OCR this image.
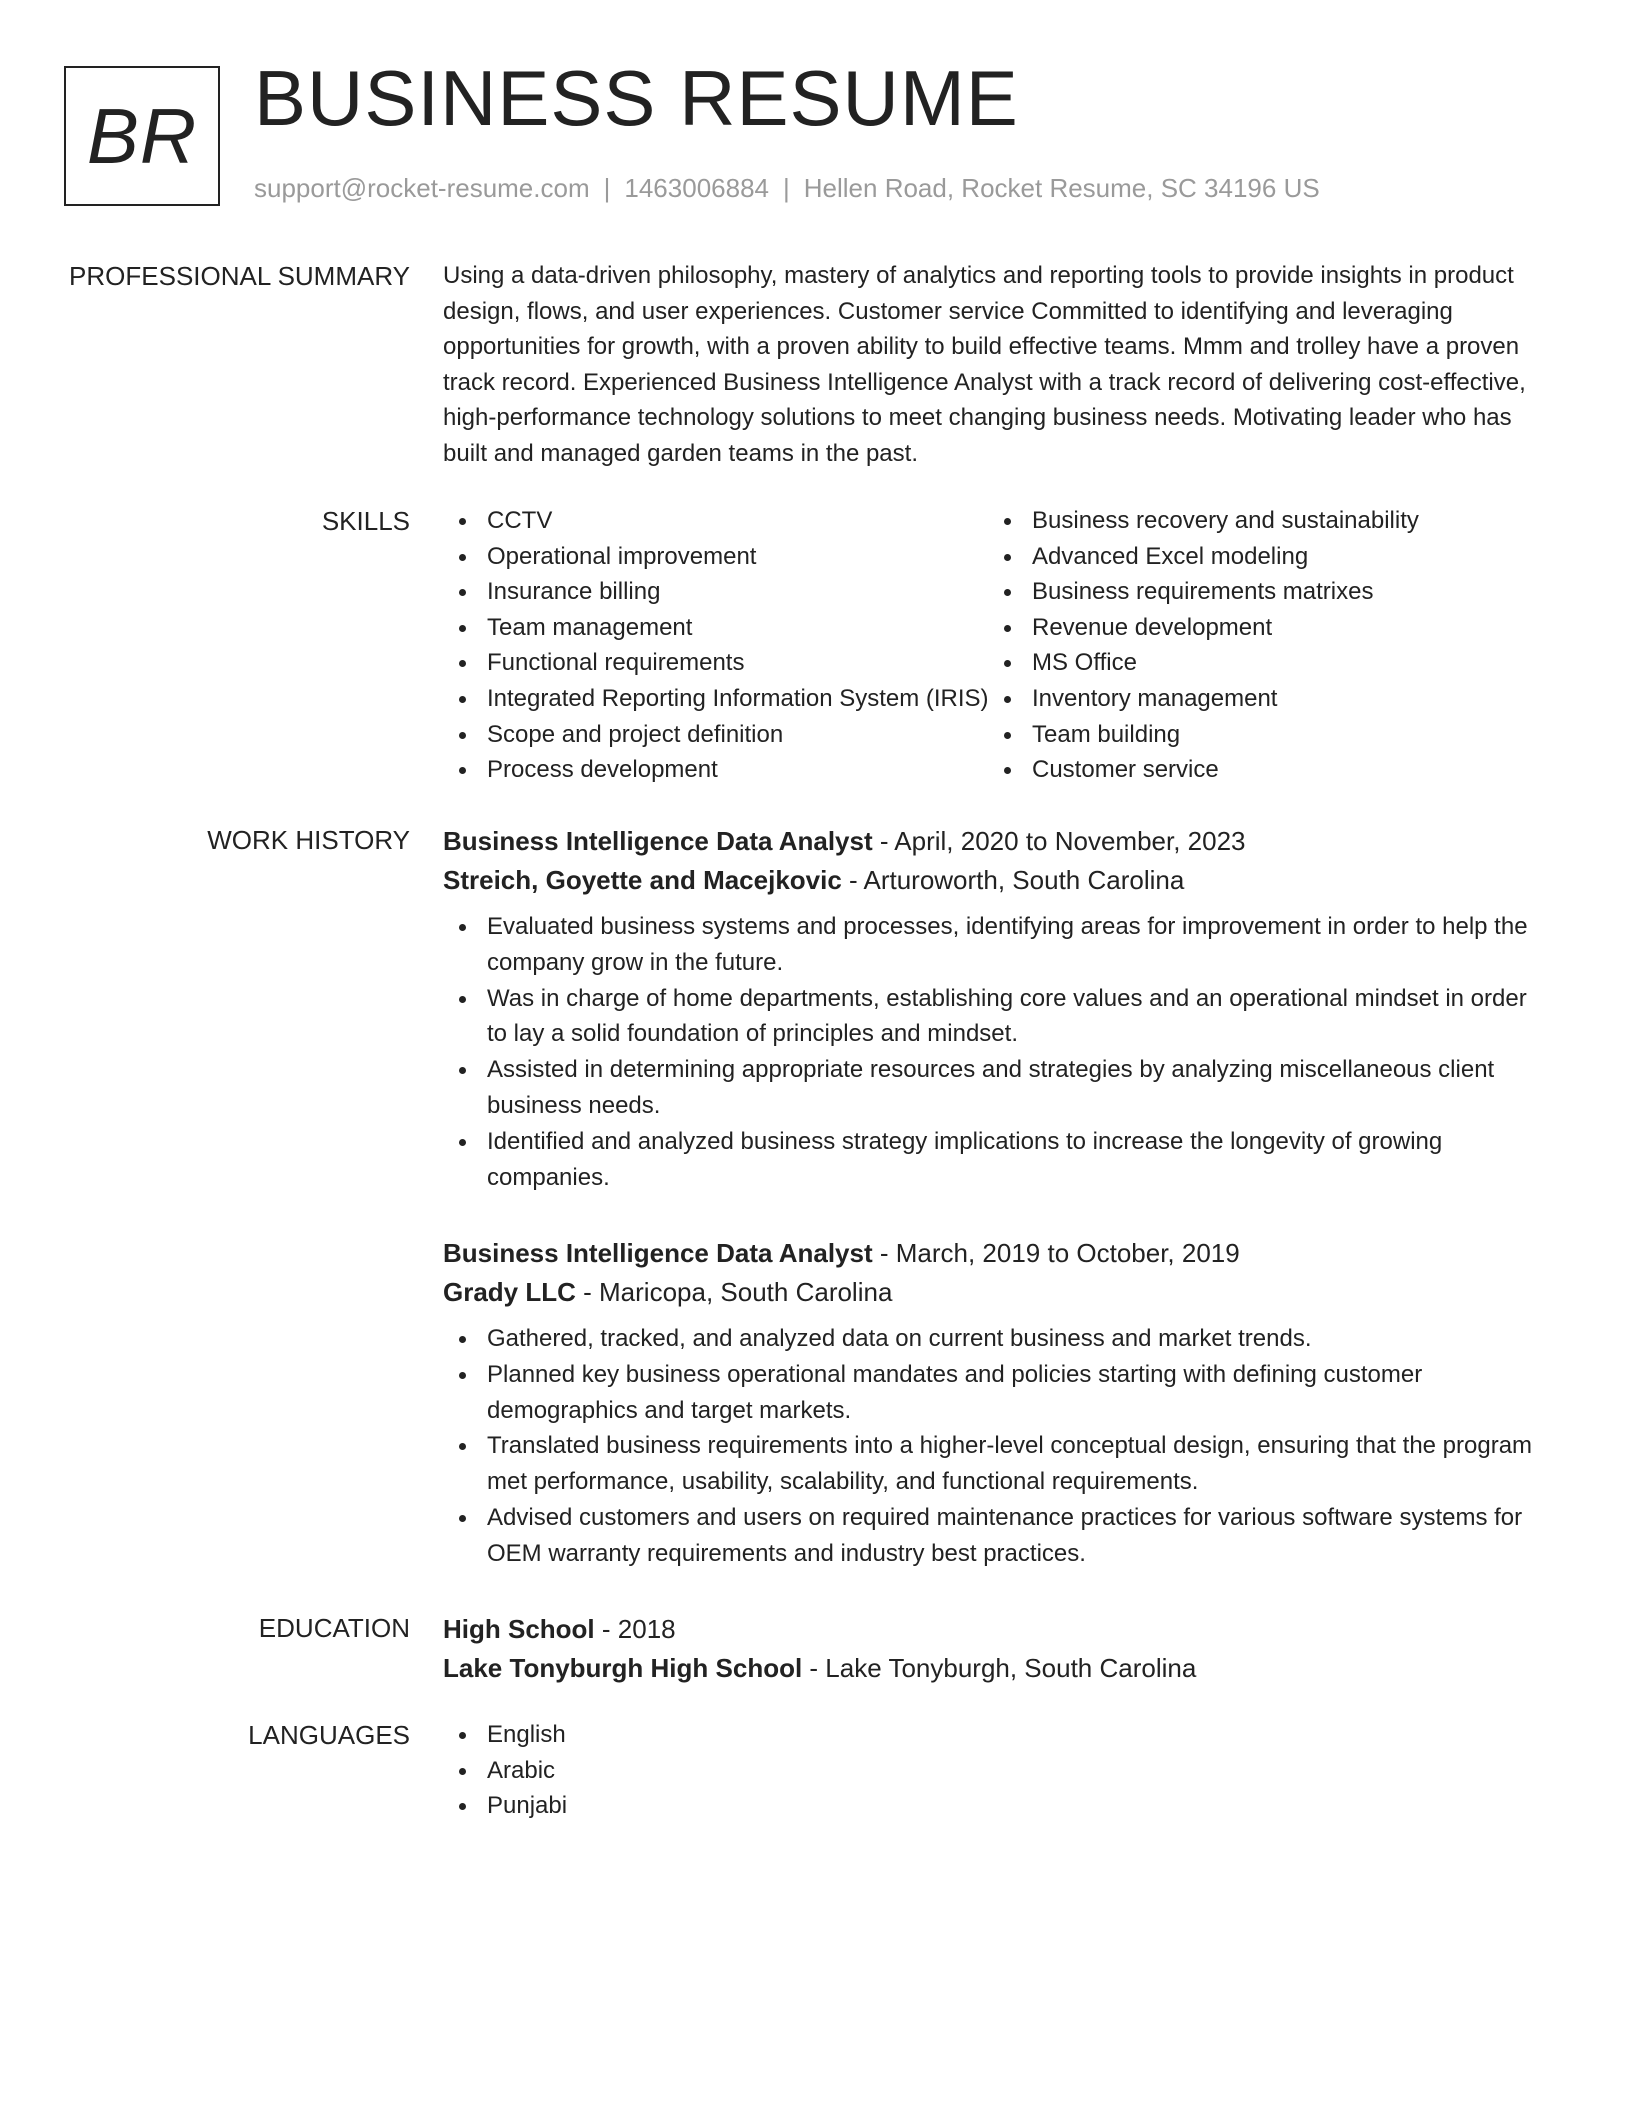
BR BUSINESS RESUME
support@rocket-resume.com | 1463006884 | Hellen Road, Rocket Resume, SC 34196 US
PROFESSIONAL SUMMARY Using a data-driven philosophy, mastery of analytics and reporting tools to provide insights in product design, flows, and user experiences. Customer service Committed to identifying and leveraging opportunities for growth, with a proven ability to build effective teams. Mmm and trolley have a proven track record. Experienced Business Intelligence Analyst with a track record of delivering cost-effective, high-performance technology solutions to meet changing business needs. Motivating leader who has built and managed garden teams in the past.

SKILLS	CCTV
Operational improvement
Insurance billing
Team management
Functional requirements
Integrated Reporting Information System (IRIS)
Scope and project definition
Process development
Business recovery and sustainability
Advanced Excel modeling
Business requirements matrixes
Revenue development
MS Office
Inventory management
Team building
Customer service
WORK HISTORY Business Intelligence Data Analyst - April, 2020 to November, 2023
Streich, Goyette and Macejkovic - Arturoworth, South Carolina
Evaluated business systems and processes, identifying areas for improvement in order to help the company grow in the future.
Was in charge of home departments, establishing core values and an operational mindset in order to lay a solid foundation of principles and mindset.
Assisted in determining appropriate resources and strategies by analyzing miscellaneous client business needs.
Identified and analyzed business strategy implications to increase the longevity of growing companies.
Business Intelligence Data Analyst - March, 2019 to October, 2019
Grady LLC - Maricopa, South Carolina
Gathered, tracked, and analyzed data on current business and market trends.
Planned key business operational mandates and policies starting with defining customer demographics and target markets.
Translated business requirements into a higher-level conceptual design, ensuring that the program met performance, usability, scalability, and functional requirements.
Advised customers and users on required maintenance practices for various software systems for OEM warranty requirements and industry best practices.
EDUCATION High School - 2018
Lake Tonyburgh High School - Lake Tonyburgh, South Carolina
LANGUAGES	English
Arabic
Punjabi
